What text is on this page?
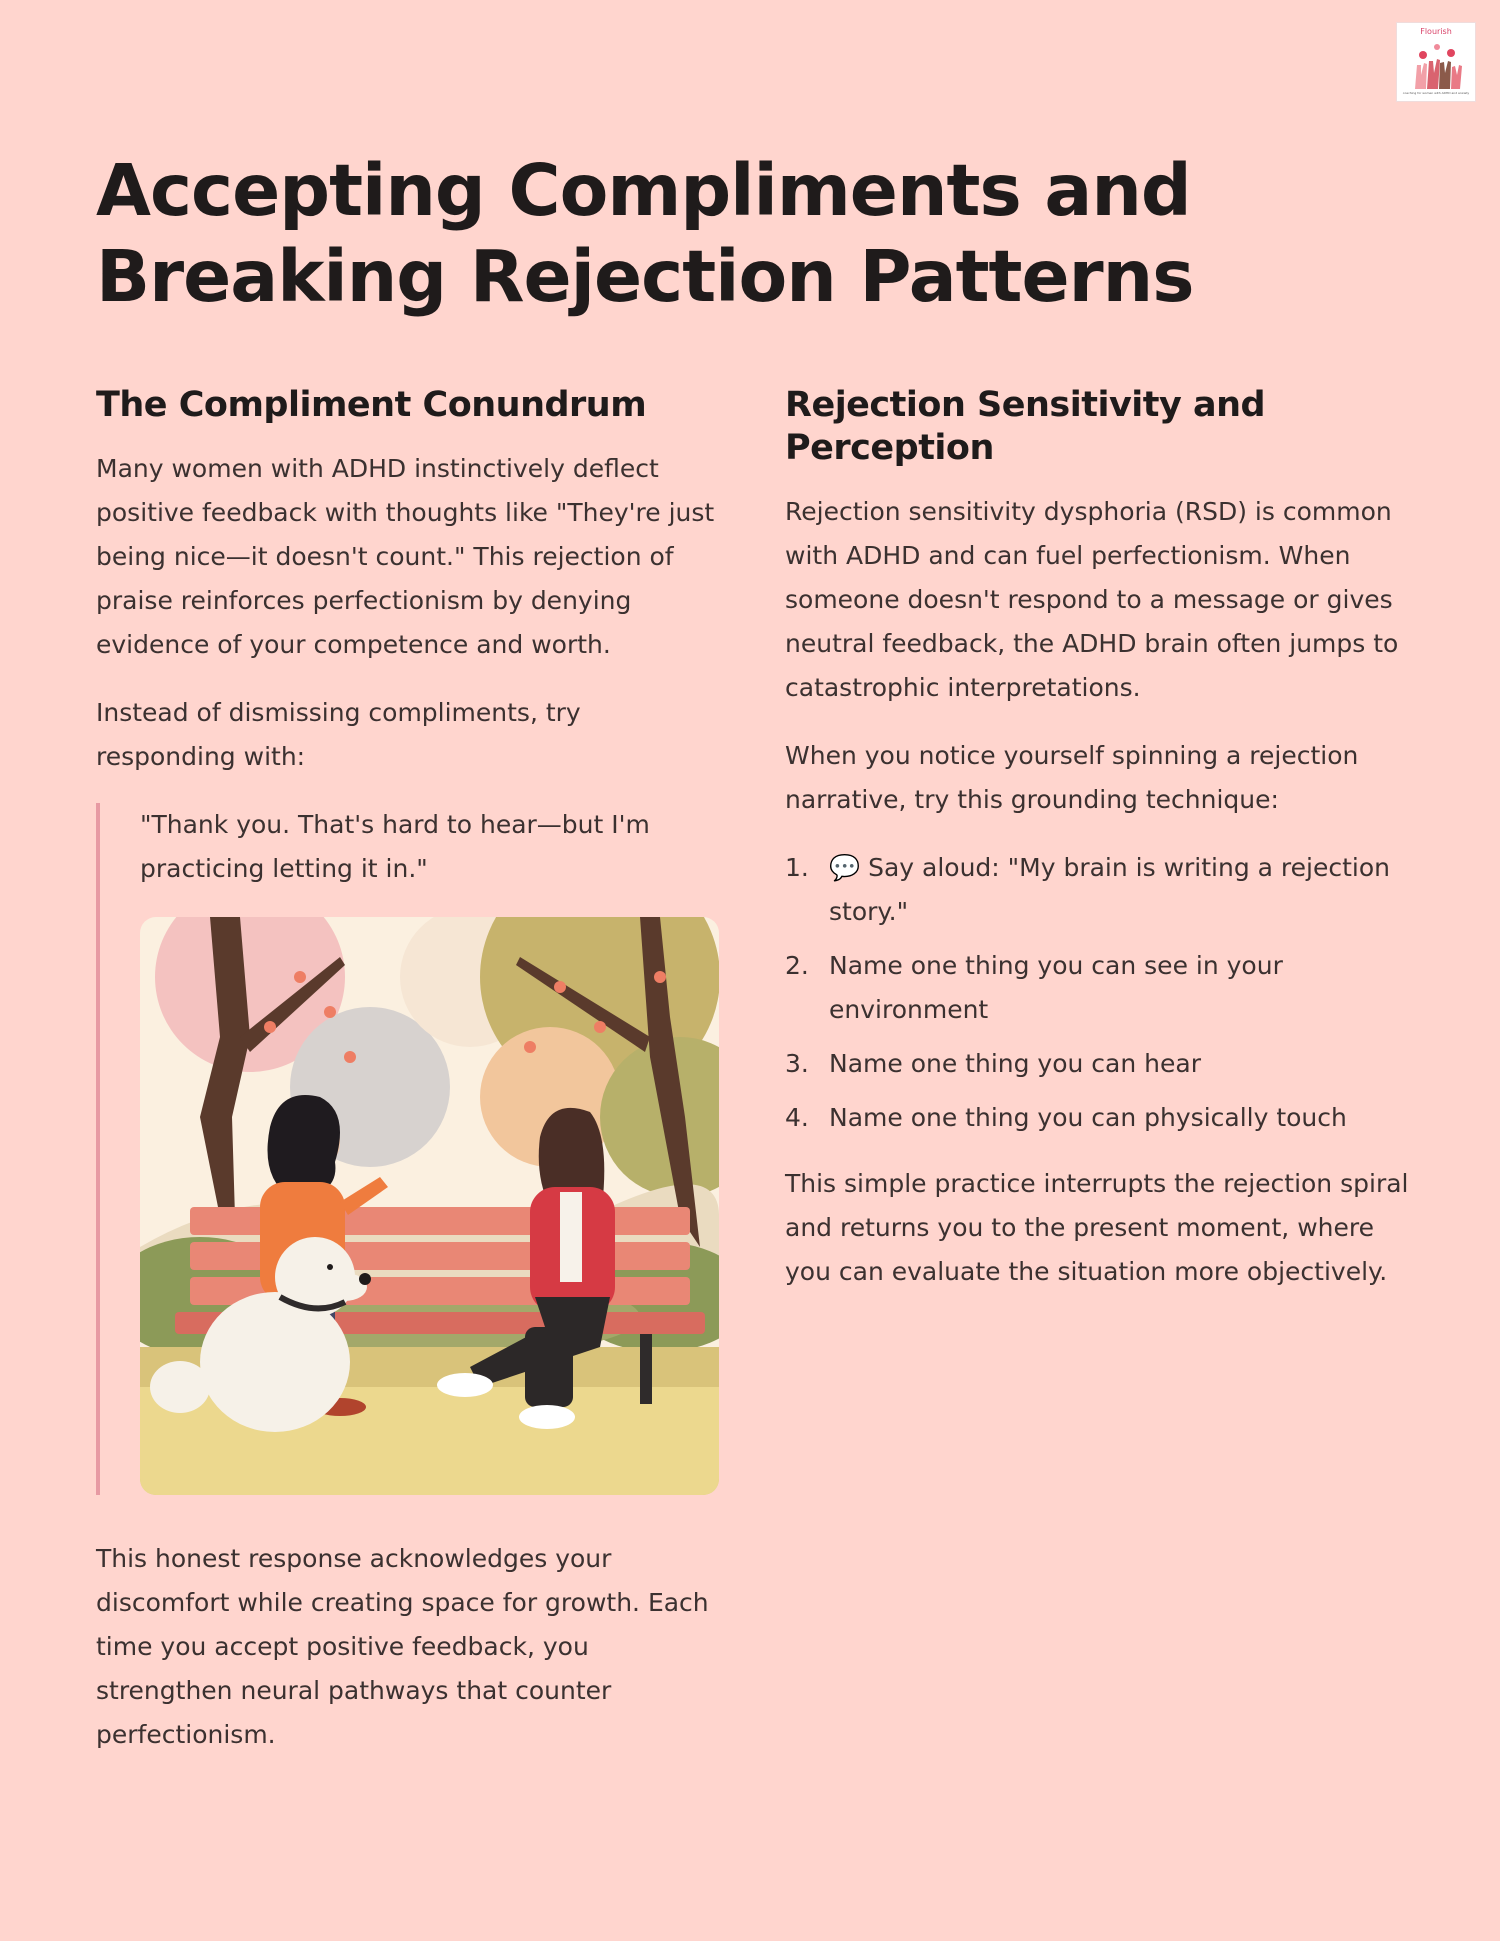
Flourish
coaching for women with ADHD and anxiety
Accepting Compliments and Breaking Rejection Patterns
The Compliment Conundrum

Many women with ADHD instinctively deflect positive feedback with thoughts like "They're just being nice—it doesn't count." This rejection of praise reinforces perfectionism by denying evidence of your competence and worth.

Instead of dismissing compliments, try responding with:

"Thank you. That's hard to hear—but I'm practicing letting it in."

This honest response acknowledges your discomfort while creating space for growth. Each time you accept positive feedback, you strengthen neural pathways that counter perfectionism.

Rejection Sensitivity and Perception

Rejection sensitivity dysphoria (RSD) is common with ADHD and can fuel perfectionism. When someone doesn't respond to a message or gives neutral feedback, the ADHD brain often jumps to catastrophic interpretations.

When you notice yourself spinning a rejection narrative, try this grounding technique:

1. 💬 Say aloud: "My brain is writing a rejection story."
2. Name one thing you can see in your environment
3. Name one thing you can hear
4. Name one thing you can physically touch

This simple practice interrupts the rejection spiral and returns you to the present moment, where you can evaluate the situation more objectively.
